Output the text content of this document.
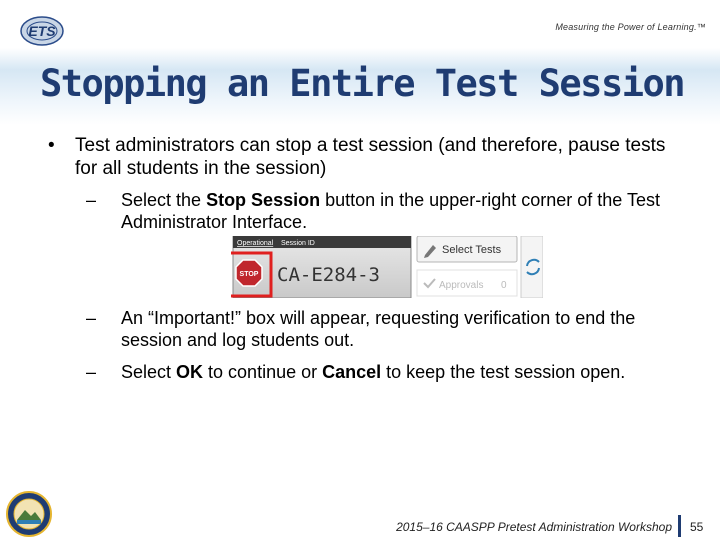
ETS	Measuring the Power of Learning.™
Stopping an Entire Test Session
•	Test administrators can stop a test session (and therefore, pause tests for all students in the session)
–	Select the Stop Session button in the upper-right corner of the Test Administrator Interface.
Operational Session ID
STOP CA-E284-3
Select Tests
Approvals 0
–	An “Important!” box will appear, requesting verification to end the session and log students out.
–	Select OK to continue or Cancel to keep the test session open.
2015–16 CAASPP Pretest Administration Workshop 55
